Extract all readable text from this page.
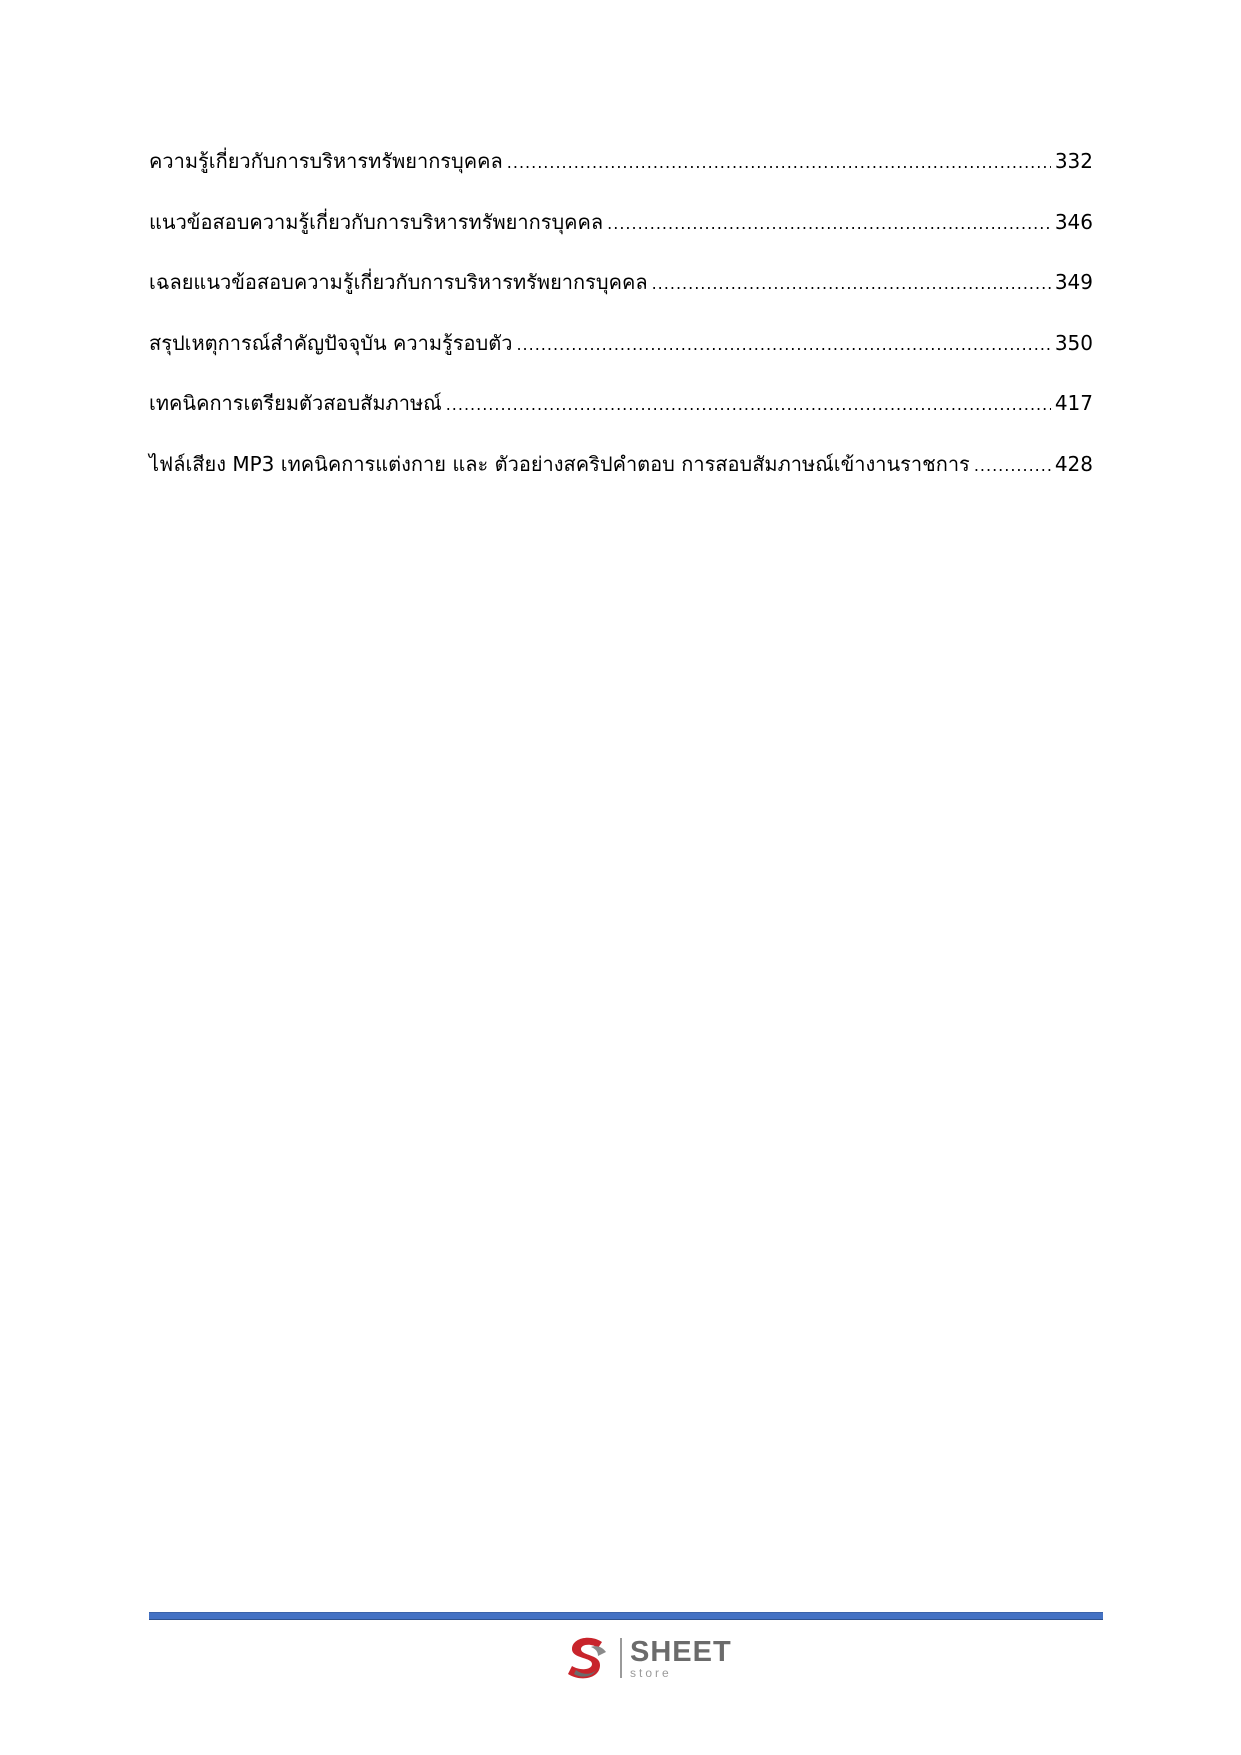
ความรู้เกี่ยวกับการบริหารทรัพยากรบุคคล .....	332
แนวข้อสอบความรู้เกี่ยวกับการบริหารทรัพยากรบุคคล .....	346
เฉลยแนวข้อสอบความรู้เกี่ยวกับการบริหารทรัพยากรบุคคล .....	349
สรุปเหตุการณ์สำคัญปัจจุบัน ความรู้รอบตัว .....	350
เทคนิคการเตรียมตัวสอบสัมภาษณ์ .....	417
ไฟล์เสียง MP3 เทคนิคการแต่งกาย และ ตัวอย่างสคริปคำตอบ การสอบสัมภาษณ์เข้างานราชการ .....	428
SHEET
store
